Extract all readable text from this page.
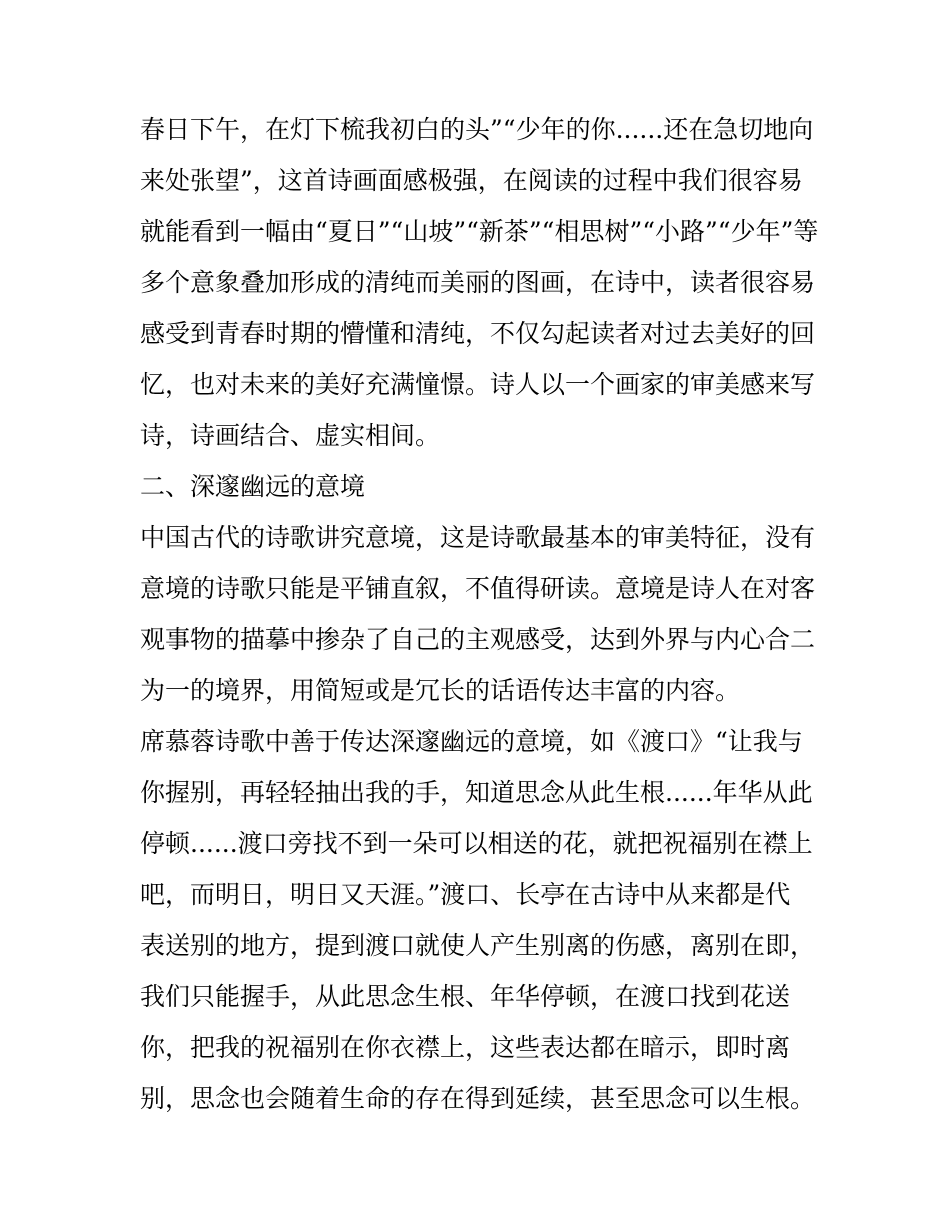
春日下午，在灯下梳我初白的头”“少年的你......还在急切地向
来处张望”，这首诗画面感极强，在阅读的过程中我们很容易
就能看到一幅由“夏日”“山坡”“新茶”“相思树”“小路”“少年”等
多个意象叠加形成的清纯而美丽的图画，在诗中，读者很容易
感受到青春时期的懵懂和清纯，不仅勾起读者对过去美好的回
忆，也对未来的美好充满憧憬。诗人以一个画家的审美感来写
诗，诗画结合、虚实相间。
二、深邃幽远的意境
中国古代的诗歌讲究意境，这是诗歌最基本的审美特征，没有
意境的诗歌只能是平铺直叙，不值得研读。意境是诗人在对客
观事物的描摹中掺杂了自己的主观感受，达到外界与内心合二
为一的境界，用简短或是冗长的话语传达丰富的内容。
席慕蓉诗歌中善于传达深邃幽远的意境，如《渡口》“让我与
你握别，再轻轻抽出我的手，知道思念从此生根......年华从此
停顿......渡口旁找不到一朵可以相送的花，就把祝福别在襟上
吧，而明日，明日又天涯。”渡口、长亭在古诗中从来都是代
表送别的地方，提到渡口就使人产生别离的伤感，离别在即，
我们只能握手，从此思念生根、年华停顿，在渡口找到花送
你，把我的祝福别在你衣襟上，这些表达都在暗示，即时离
别，思念也会随着生命的存在得到延续，甚至思念可以生根。
